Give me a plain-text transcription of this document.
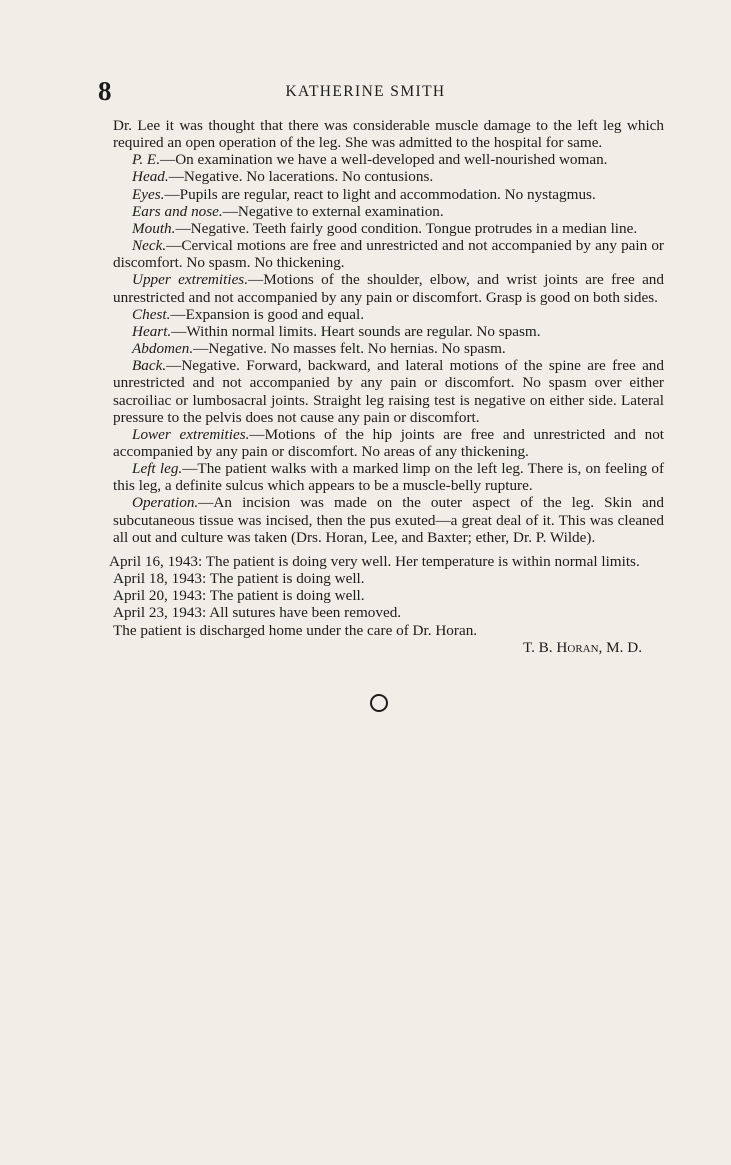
8	KATHERINE SMITH

Dr. Lee it was thought that there was considerable muscle damage to the left leg which required an open operation of the leg. She was admitted to the hospital for same.

P. E.—On examination we have a well-developed and well-nourished woman.

Head.—Negative. No lacerations. No contusions.

Eyes.—Pupils are regular, react to light and accommodation. No nystagmus.

Ears and nose.—Negative to external examination.

Mouth.—Negative. Teeth fairly good condition. Tongue protrudes in a median line.

Neck.—Cervical motions are free and unrestricted and not accompanied by any pain or discomfort. No spasm. No thickening.

Upper extremities.—Motions of the shoulder, elbow, and wrist joints are free and unrestricted and not accompanied by any pain or discomfort. Grasp is good on both sides.

Chest.—Expansion is good and equal.

Heart.—Within normal limits. Heart sounds are regular. No spasm.

Abdomen.—Negative. No masses felt. No hernias. No spasm.

Back.—Negative. Forward, backward, and lateral motions of the spine are free and unrestricted and not accompanied by any pain or discomfort. No spasm over either sacroiliac or lumbosacral joints. Straight leg raising test is negative on either side. Lateral pressure to the pelvis does not cause any pain or discomfort.

Lower extremities.—Motions of the hip joints are free and unrestricted and not accompanied by any pain or discomfort. No areas of any thickening.

Left leg.—The patient walks with a marked limp on the left leg. There is, on feeling of this leg, a definite sulcus which appears to be a muscle-belly rupture.

Operation.—An incision was made on the outer aspect of the leg. Skin and subcutaneous tissue was incised, then the pus exuted—a great deal of it. This was cleaned all out and culture was taken (Drs. Horan, Lee, and Baxter; ether, Dr. P. Wilde).

April 16, 1943: The patient is doing very well. Her temperature is within normal limits.

April 18, 1943: The patient is doing well.

April 20, 1943: The patient is doing well.

April 23, 1943: All sutures have been removed.

The patient is discharged home under the care of Dr. Horan.

T. B. Horan, M. D.
